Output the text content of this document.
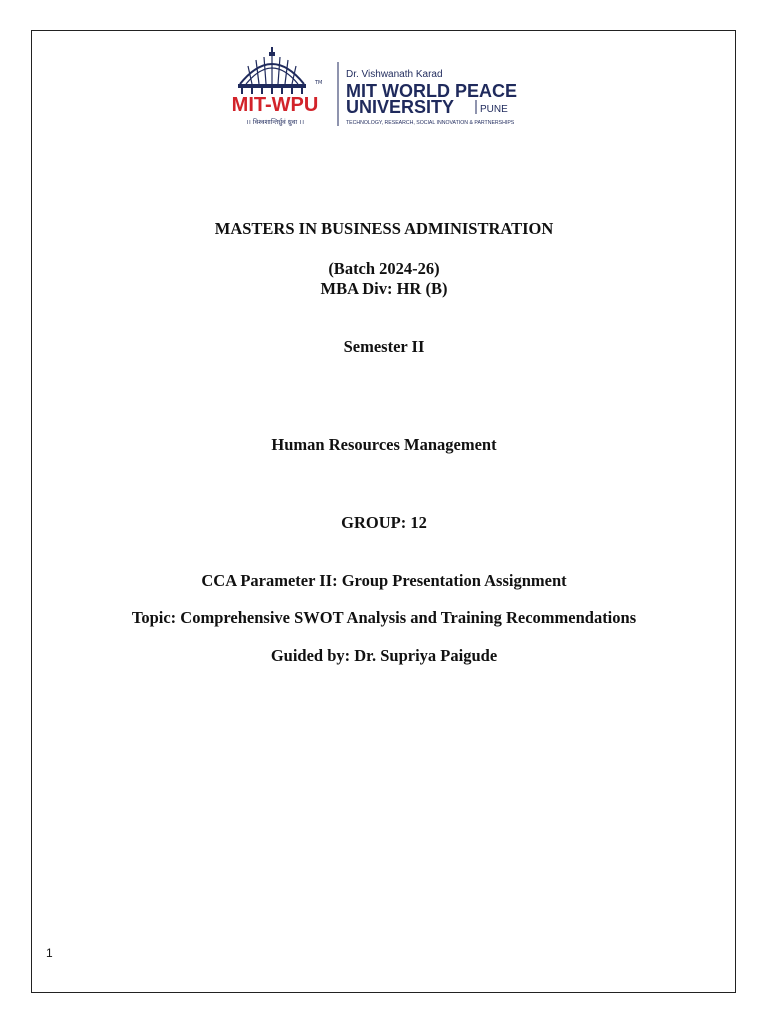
TM
MIT-WPU
।। विश्वशान्तिर्ध्रुवं ध्रुवा ।।
Dr. Vishwanath Karad
MIT WORLD PEACE
UNIVERSITY	PUNE
TECHNOLOGY, RESEARCH, SOCIAL INNOVATION & PARTNERSHIPS
MASTERS IN BUSINESS ADMINISTRATION
(Batch 2024-26)
MBA Div: HR (B)
Semester II
Human Resources Management
GROUP: 12
CCA Parameter II: Group Presentation Assignment
Topic: Comprehensive SWOT Analysis and Training Recommendations
Guided by: Dr. Supriya Paigude
1
